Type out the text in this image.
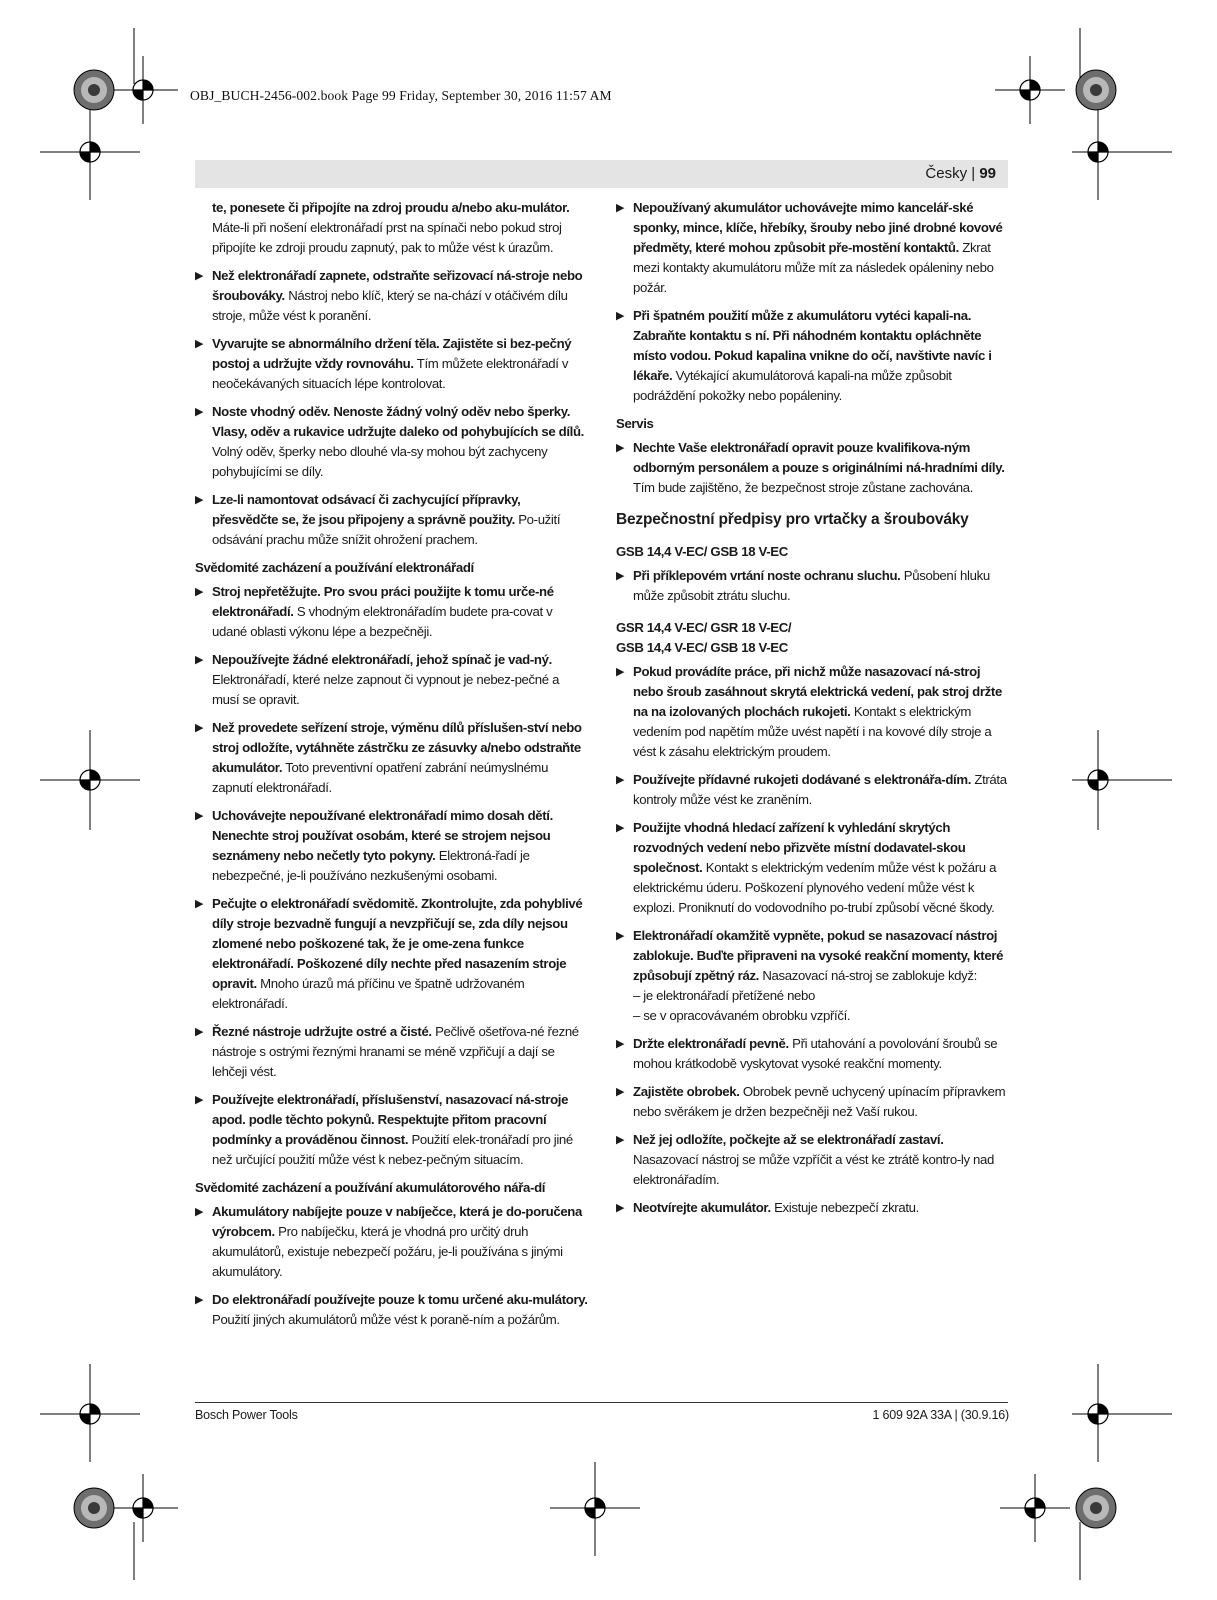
OBJ_BUCH-2456-002.book Page 99 Friday, September 30, 2016 11:57 AM
Česky | 99
te, ponesete či připojíte na zdroj proudu a/nebo aku-mulátor. Máte-li při nošení elektronářadí prst na spínači nebo pokud stroj připojíte ke zdroji proudu zapnutý, pak to může vést k úrazům.
▶ Než elektronářadí zapnete, odstraňte seřizovací ná-stroje nebo šroubováky. Nástroj nebo klíč, který se na-chází v otáčivém dílu stroje, může vést k poranění.
▶ Vyvarujte se abnormálního držení těla. Zajistěte si bez-pečný postoj a udržujte vždy rovnováhu. Tím můžete elektronářadí v neočekávaných situacích lépe kontrolovat.
▶ Noste vhodný oděv. Nenoste žádný volný oděv nebo šperky. Vlasy, oděv a rukavice udržujte daleko od pohybujících se dílů. Volný oděv, šperky nebo dlouhé vla-sy mohou být zachyceny pohybujícími se díly.
▶ Lze-li namontovat odsávací či zachycující přípravky, přesvědčte se, že jsou připojeny a správně použity. Po-užití odsávání prachu může snížit ohrožení prachem.
Svědomité zacházení a používání elektronářadí
▶ Stroj nepřetěžujte. Pro svou práci použijte k tomu urče-né elektronářadí. S vhodným elektronářadím budete pra-covat v udané oblasti výkonu lépe a bezpečněji.
▶ Nepoužívejte žádné elektronářadí, jehož spínač je vad-ný. Elektronářadí, které nelze zapnout či vypnout je nebez-pečné a musí se opravit.
▶ Než provedete seřízení stroje, výměnu dílů příslušen-ství nebo stroj odložíte, vytáhněte zástrčku ze zásuvky a/nebo odstraňte akumulátor. Toto preventivní opatření zabrání neúmyslnému zapnutí elektronářadí.
▶ Uchovávejte nepoužívané elektronářadí mimo dosah dětí. Nenechte stroj používat osobám, které se strojem nejsou seznámeny nebo nečetly tyto pokyny. Elektroná-řadí je nebezpečné, je-li používáno nezkušenými osobami.
▶ Pečujte o elektronářadí svědomitě. Zkontrolujte, zda pohyblivé díly stroje bezvadně fungují a nevzpřičují se, zda díly nejsou zlomené nebo poškozené tak, že je ome-zena funkce elektronářadí. Poškozené díly nechte před nasazením stroje opravit. Mnoho úrazů má příčinu ve špatně udržovaném elektronářadí.
▶ Řezné nástroje udržujte ostré a čisté. Pečlivě ošetřova-né řezné nástroje s ostrými řeznými hranami se méně vzpřičují a dají se lehčeji vést.
▶ Používejte elektronářadí, příslušenství, nasazovací ná-stroje apod. podle těchto pokynů. Respektujte přitom pracovní podmínky a prováděnou činnost. Použití elek-tronářadí pro jiné než určující použití může vést k nebez-pečným situacím.
Svědomité zacházení a používání akumulátorového nářa-dí
▶ Akumulátory nabíjejte pouze v nabíječce, která je do-poručena výrobcem. Pro nabíječku, která je vhodná pro určitý druh akumulátorů, existuje nebezpečí požáru, je-li používána s jinými akumulátory.
▶ Do elektronářadí používejte pouze k tomu určené aku-mulátory. Použití jiných akumulátorů může vést k poraně-ním a požárům.
▶ Nepoužívaný akumulátor uchovávejte mimo kancelář-ské sponky, mince, klíče, hřebíky, šrouby nebo jiné drobné kovové předměty, které mohou způsobit pře-mostění kontaktů. Zkrat mezi kontakty akumulátoru může mít za následek opáleniny nebo požár.
▶ Při špatném použití může z akumulátoru vytéci kapali-na. Zabraňte kontaktu s ní. Při náhodném kontaktu opláchněte místo vodou. Pokud kapalina vnikne do očí, navštivte navíc i lékaře. Vytékající akumulátorová kapali-na může způsobit podráždění pokožky nebo popáleniny.
Servis
▶ Nechte Vaše elektronářadí opravit pouze kvalifikova-ným odborným personálem a pouze s originálními ná-hradními díly. Tím bude zajištěno, že bezpečnost stroje zůstane zachována.
Bezpečnostní předpisy pro vrtačky a šroubováky
GSB 14,4 V-EC/ GSB 18 V-EC
▶ Při příklepovém vrtání noste ochranu sluchu. Působení hluku může způsobit ztrátu sluchu.
GSR 14,4 V-EC/ GSR 18 V-EC/
GSB 14,4 V-EC/ GSB 18 V-EC
▶ Pokud provádíte práce, při nichž může nasazovací ná-stroj nebo šroub zasáhnout skrytá elektrická vedení, pak stroj držte na na izolovaných plochách rukojeti. Kontakt s elektrickým vedením pod napětím může uvést napětí i na kovové díly stroje a vést k zásahu elektrickým proudem.
▶ Používejte přídavné rukojeti dodávané s elektronářa-dím. Ztráta kontroly může vést ke zraněním.
▶ Použijte vhodná hledací zařízení k vyhledání skrytých rozvodných vedení nebo přizvěte místní dodavatel-skou společnost. Kontakt s elektrickým vedením může vést k požáru a elektrickému úderu. Poškození plynového vedení může vést k explozi. Proniknutí do vodovodního po-trubí způsobí věcné škody.
▶ Elektronářadí okamžitě vypněte, pokud se nasazovací nástroj zablokuje. Buďte připraveni na vysoké reakční momenty, které způsobují zpětný ráz. Nasazovací ná-stroj se zablokuje když:
– je elektronářadí přetížené nebo
– se v opracovávaném obrobku vzpříčí.
▶ Držte elektronářadí pevně. Při utahování a povolování šroubů se mohou krátkodobě vyskytovat vysoké reakční momenty.
▶ Zajistěte obrobek. Obrobek pevně uchycený upínacím přípravkem nebo svěrákem je držen bezpečněji než Vaší rukou.
▶ Než jej odložíte, počkejte až se elektronářadí zastaví. Nasazovací nástroj se může vzpříčit a vést ke ztrátě kontro-ly nad elektronářadím.
▶ Neotvírejte akumulátor. Existuje nebezpečí zkratu.
Bosch Power Tools	1 609 92A 33A | (30.9.16)
